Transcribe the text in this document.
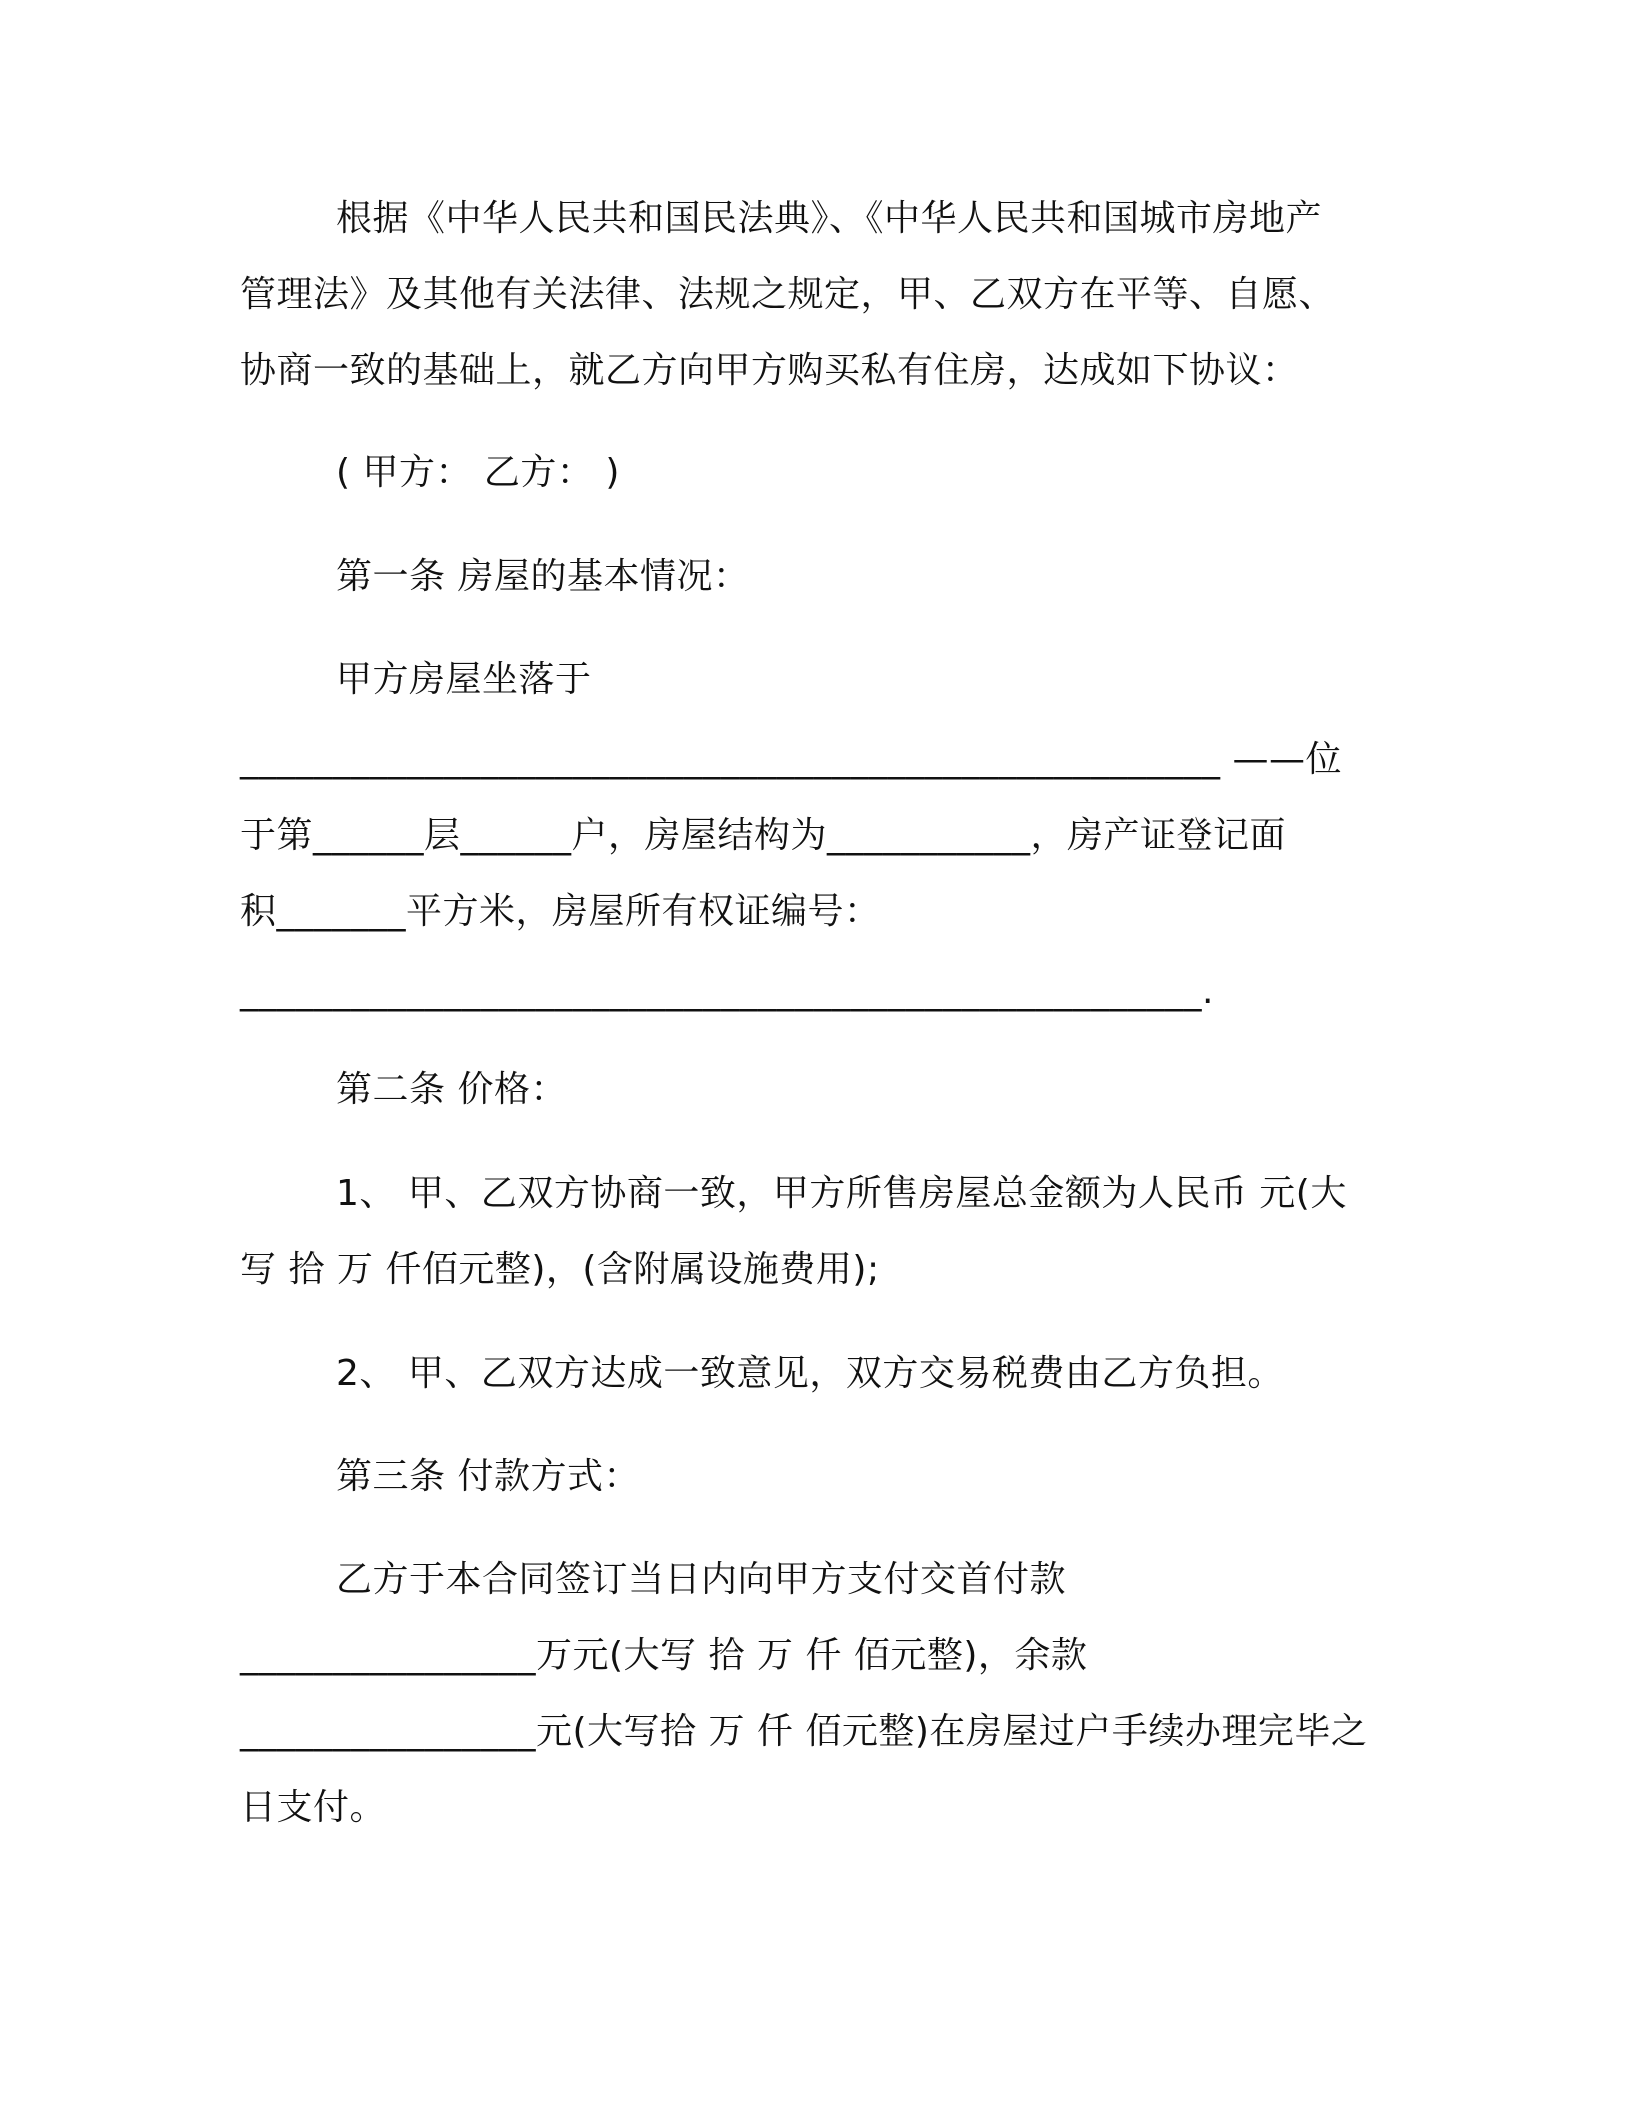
根据《中华人民共和国民法典》、《中华人民共和国城市房地产

管理法》及其他有关法律、法规之规定，甲、乙双方在平等、自愿、

协商一致的基础上，就乙方向甲方购买私有住房，达成如下协议：

( 甲方： 乙方： )

第一条 房屋的基本情况：

甲方房屋坐落于

_____________________________________________________ ——位

于第______层______户，房屋结构为___________，房产证登记面

积_______平方米，房屋所有权证编号：

____________________________________________________.

第二条 价格：

1、 甲、乙双方协商一致，甲方所售房屋总金额为人民币 元(大

写 拾 万 仟佰元整)，(含附属设施费用);

2、 甲、乙双方达成一致意见，双方交易税费由乙方负担。

第三条 付款方式：

乙方于本合同签订当日内向甲方支付交首付款

________________万元(大写 拾 万 仟 佰元整)，余款

________________元(大写拾 万 仟 佰元整)在房屋过户手续办理完毕之

日支付。
